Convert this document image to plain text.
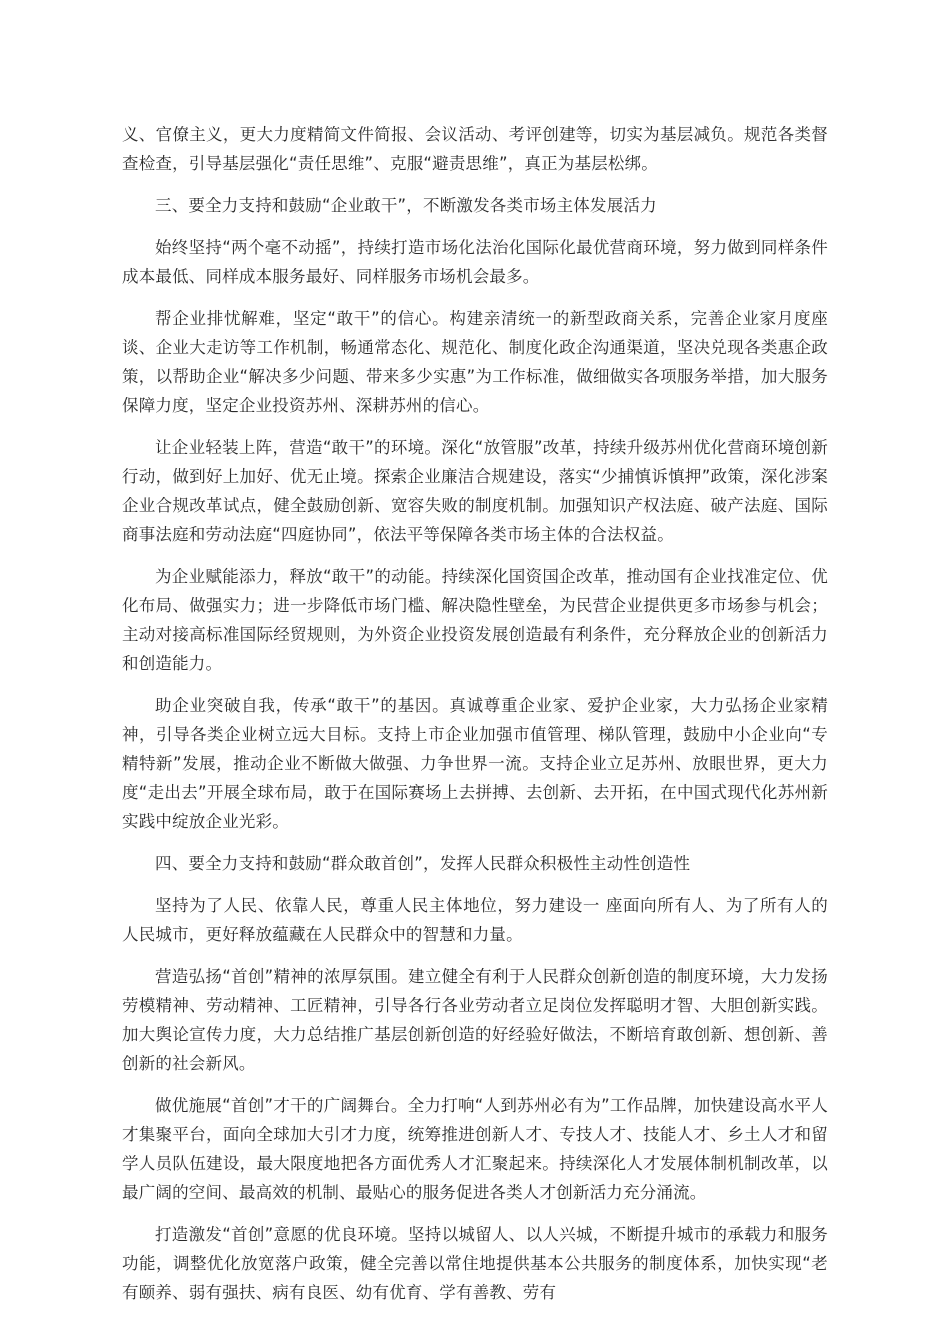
义、官僚主义，更大力度精简文件简报、会议活动、考评创建等，切实为基层减负。规范各类督查检查，引导基层强化“责任思维”、克服“避责思维”，真正为基层松绑。

三、要全力支持和鼓励“企业敢干”，不断激发各类市场主体发展活力

始终坚持“两个毫不动摇”，持续打造市场化法治化国际化最优营商环境，努力做到同样条件成本最低、同样成本服务最好、同样服务市场机会最多。

帮企业排忧解难，坚定“敢干”的信心。构建亲清统一的新型政商关系，完善企业家月度座谈、企业大走访等工作机制，畅通常态化、规范化、制度化政企沟通渠道，坚决兑现各类惠企政策，以帮助企业“解决多少问题、带来多少实惠”为工作标准，做细做实各项服务举措，加大服务保障力度，坚定企业投资苏州、深耕苏州的信心。

让企业轻装上阵，营造“敢干”的环境。深化“放管服”改革，持续升级苏州优化营商环境创新行动，做到好上加好、优无止境。探索企业廉洁合规建设，落实“少捕慎诉慎押”政策，深化涉案企业合规改革试点，健全鼓励创新、宽容失败的制度机制。加强知识产权法庭、破产法庭、国际商事法庭和劳动法庭“四庭协同”，依法平等保障各类市场主体的合法权益。

为企业赋能添力，释放“敢干”的动能。持续深化国资国企改革，推动国有企业找准定位、优化布局、做强实力；进一步降低市场门槛、解决隐性壁垒，为民营企业提供更多市场参与机会；主动对接高标准国际经贸规则，为外资企业投资发展创造最有利条件，充分释放企业的创新活力和创造能力。

助企业突破自我，传承“敢干”的基因。真诚尊重企业家、爱护企业家，大力弘扬企业家精神，引导各类企业树立远大目标。支持上市企业加强市值管理、梯队管理，鼓励中小企业向“专精特新”发展，推动企业不断做大做强、力争世界一流。支持企业立足苏州、放眼世界，更大力度“走出去”开展全球布局，敢于在国际赛场上去拼搏、去创新、去开拓，在中国式现代化苏州新实践中绽放企业光彩。

四、要全力支持和鼓励“群众敢首创”，发挥人民群众积极性主动性创造性

坚持为了人民、依靠人民，尊重人民主体地位，努力建设一 座面向所有人、为了所有人的人民城市，更好释放蕴藏在人民群众中的智慧和力量。

营造弘扬“首创”精神的浓厚氛围。建立健全有利于人民群众创新创造的制度环境，大力发扬劳模精神、劳动精神、工匠精神，引导各行各业劳动者立足岗位发挥聪明才智、大胆创新实践。加大舆论宣传力度，大力总结推广基层创新创造的好经验好做法，不断培育敢创新、想创新、善创新的社会新风。

做优施展“首创”才干的广阔舞台。全力打响“人到苏州必有为”工作品牌，加快建设高水平人才集聚平台，面向全球加大引才力度，统筹推进创新人才、专技人才、技能人才、乡土人才和留学人员队伍建设，最大限度地把各方面优秀人才汇聚起来。持续深化人才发展体制机制改革，以最广阔的空间、最高效的机制、最贴心的服务促进各类人才创新活力充分涌流。

打造激发“首创”意愿的优良环境。坚持以城留人、以人兴城，不断提升城市的承载力和服务功能，调整优化放宽落户政策，健全完善以常住地提供基本公共服务的制度体系，加快实现“老有颐养、弱有强扶、病有良医、幼有优育、学有善教、劳有
